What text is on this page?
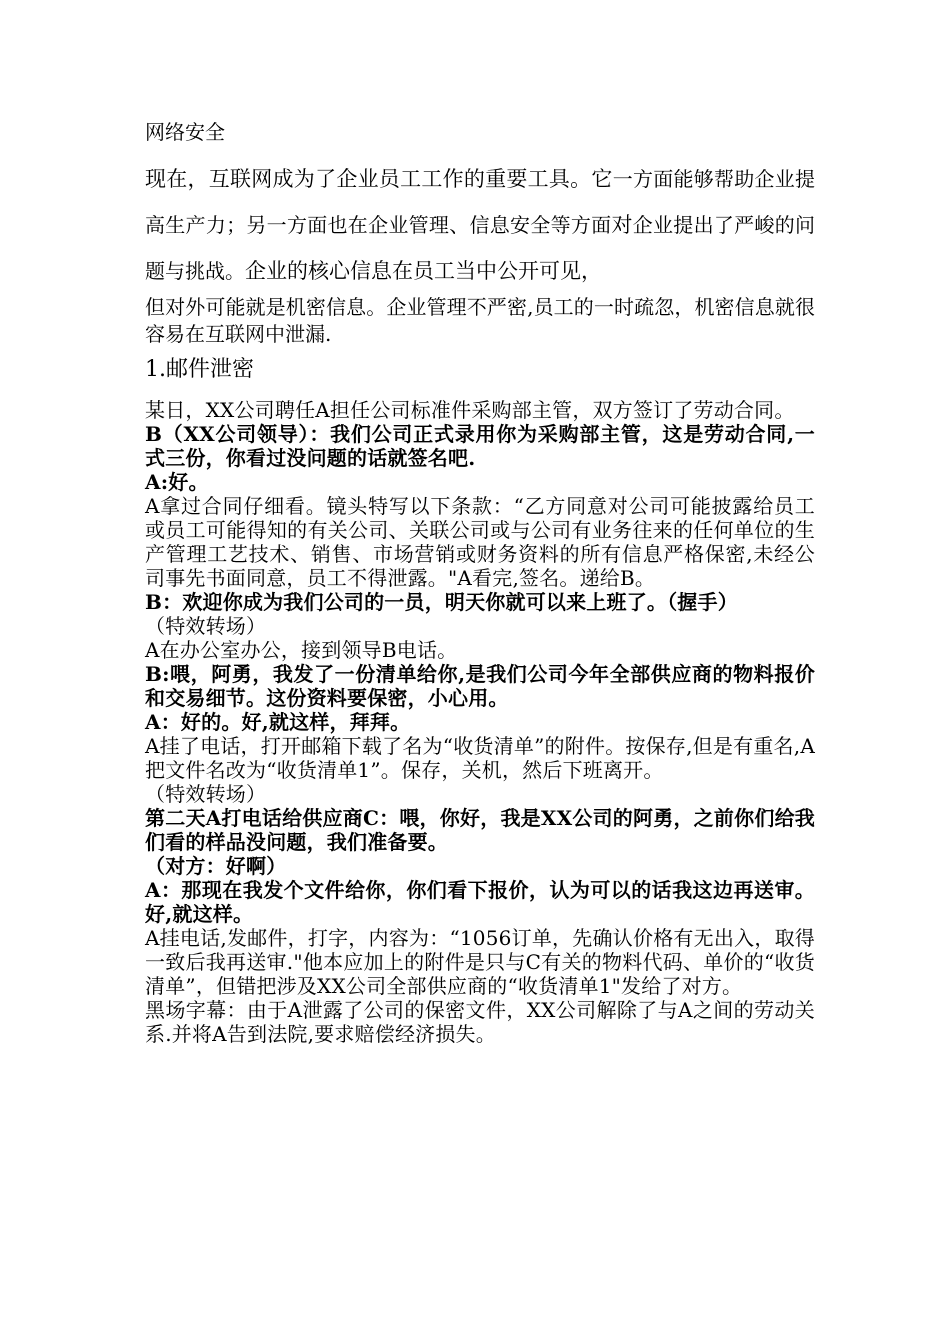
网络安全

现在，互联网成为了企业员工工作的重要工具。它一方面能够帮助企业提高生产力；另一方面也在企业管理、信息安全等方面对企业提出了严峻的问题与挑战。企业的核心信息在员工当中公开可见，

但对外可能就是机密信息。企业管理不严密,员工的一时疏忽，机密信息就很容易在互联网中泄漏.

1.邮件泄密

某日，XX公司聘任A担任公司标准件采购部主管，双方签订了劳动合同。

B（XX公司领导）：我们公司正式录用你为采购部主管，这是劳动合同,一式三份，你看过没问题的话就签名吧.

A:好。

A拿过合同仔细看。镜头特写以下条款：“乙方同意对公司可能披露给员工或员工可能得知的有关公司、关联公司或与公司有业务往来的任何单位的生产管理工艺技术、销售、市场营销或财务资料的所有信息严格保密,未经公司事先书面同意，员工不得泄露。"A看完,签名。递给B。

B：欢迎你成为我们公司的一员，明天你就可以来上班了。（握手）

（特效转场）

A在办公室办公，接到领导B电话。

B:喂，阿勇，我发了一份清单给你,是我们公司今年全部供应商的物料报价和交易细节。这份资料要保密，小心用。

A：好的。好,就这样，拜拜。

A挂了电话，打开邮箱下载了名为“收货清单”的附件。按保存,但是有重名,A把文件名改为“收货清单1”。保存，关机，然后下班离开。

（特效转场）

第二天A打电话给供应商C：喂，你好，我是XX公司的阿勇，之前你们给我们看的样品没问题，我们准备要。

（对方：好啊）

A：那现在我发个文件给你，你们看下报价，认为可以的话我这边再送审。好,就这样。

A挂电话,发邮件，打字，内容为：“1056订单，先确认价格有无出入，取得一致后我再送审."他本应加上的附件是只与C有关的物料代码、单价的“收货清单”，但错把涉及XX公司全部供应商的“收货清单1"发给了对方。

黑场字幕：由于A泄露了公司的保密文件，XX公司解除了与A之间的劳动关系.并将A告到法院,要求赔偿经济损失。
